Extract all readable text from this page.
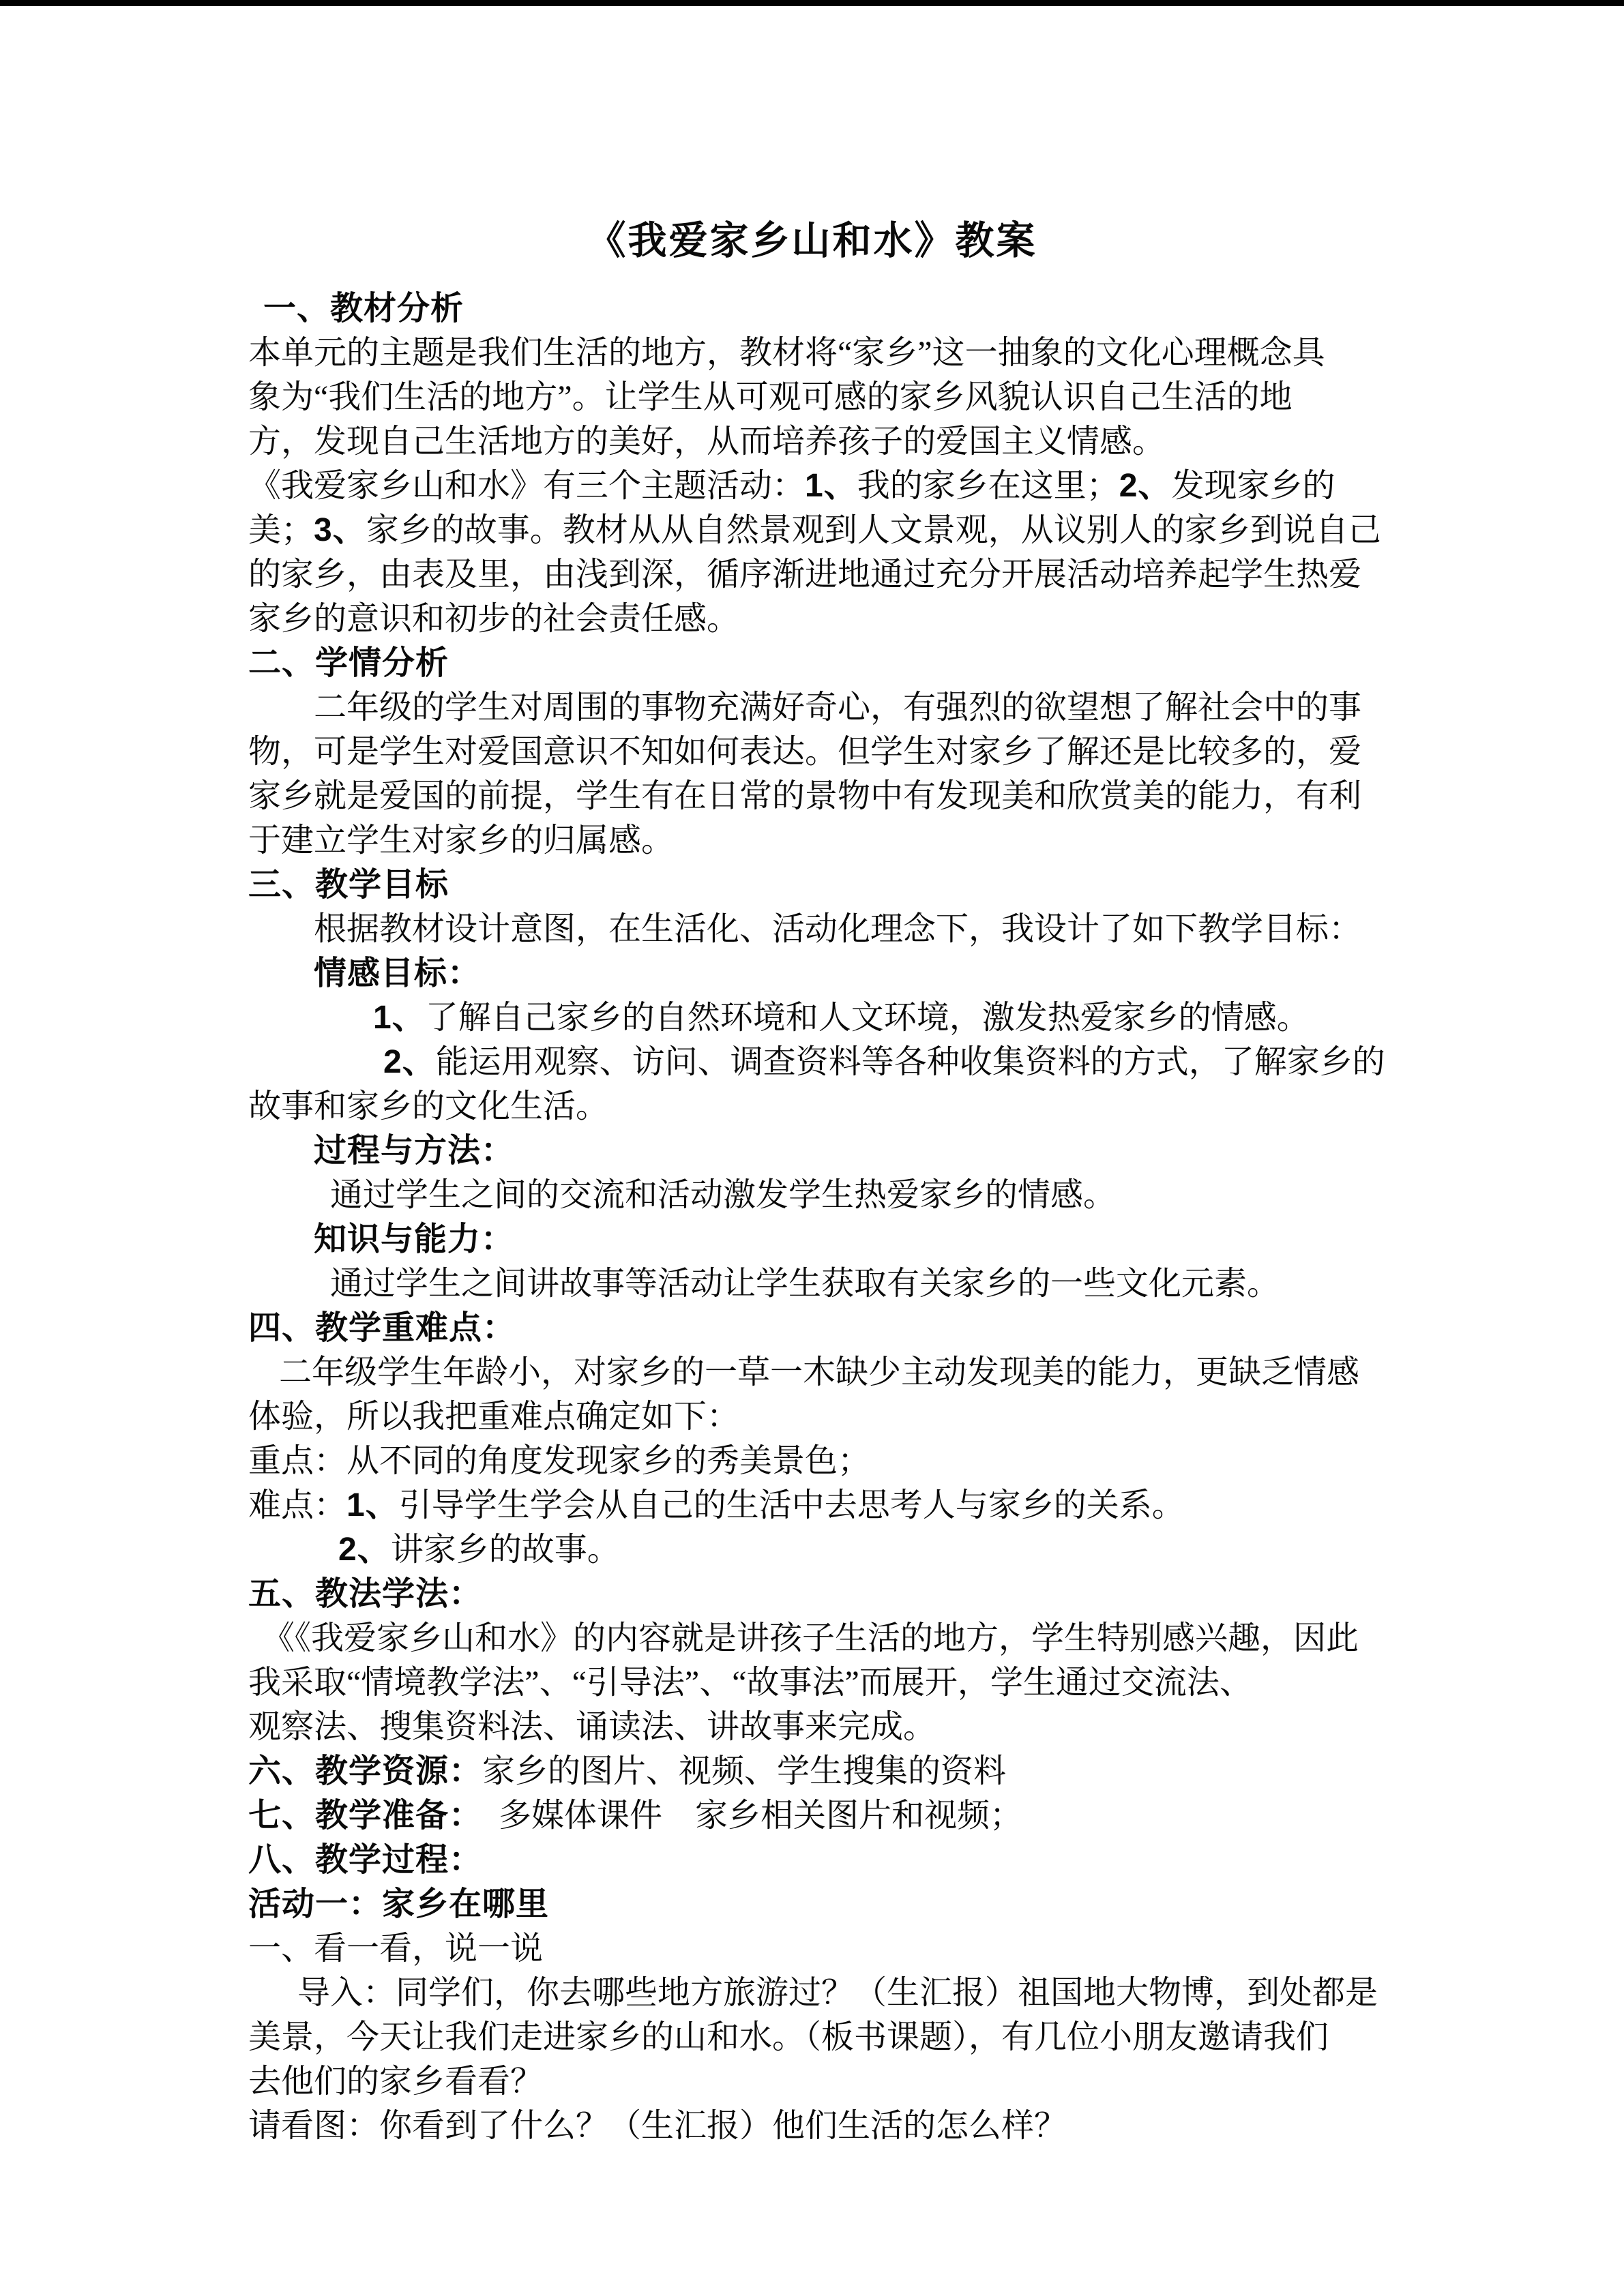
《我爱家乡山和水》教案
一、教材分析
本单元的主题是我们生活的地方，教材将“家乡”这一抽象的文化心理概念具
象为“我们生活的地方”。让学生从可观可感的家乡风貌认识自己生活的地
方，发现自己生活地方的美好，从而培养孩子的爱国主义情感。
《我爱家乡山和水》有三个主题活动：1、我的家乡在这里；2、发现家乡的
美；3、家乡的故事。教材从从自然景观到人文景观，从议别人的家乡到说自己
的家乡，由表及里，由浅到深，循序渐进地通过充分开展活动培养起学生热爱
家乡的意识和初步的社会责任感。
二、学情分析
二年级的学生对周围的事物充满好奇心，有强烈的欲望想了解社会中的事
物，可是学生对爱国意识不知如何表达。但学生对家乡了解还是比较多的，爱
家乡就是爱国的前提，学生有在日常的景物中有发现美和欣赏美的能力，有利
于建立学生对家乡的归属感。
三、教学目标
根据教材设计意图，在生活化、活动化理念下，我设计了如下教学目标：
情感目标：
1、了解自己家乡的自然环境和人文环境，激发热爱家乡的情感。
2、能运用观察、访问、调查资料等各种收集资料的方式，了解家乡的
故事和家乡的文化生活。
过程与方法：
通过学生之间的交流和活动激发学生热爱家乡的情感。
知识与能力：
通过学生之间讲故事等活动让学生获取有关家乡的一些文化元素。
四、教学重难点：
二年级学生年龄小，对家乡的一草一木缺少主动发现美的能力，更缺乏情感
体验，所以我把重难点确定如下：
重点：从不同的角度发现家乡的秀美景色；
难点：1、引导学生学会从自己的生活中去思考人与家乡的关系。
2、讲家乡的故事。
五、教法学法：
《《我爱家乡山和水》的内容就是讲孩子生活的地方，学生特别感兴趣，因此
我采取“情境教学法”、“引导法”、“故事法”而展开，学生通过交流法、
观察法、搜集资料法、诵读法、讲故事来完成。
六、教学资源：家乡的图片、视频、学生搜集的资料
七、教学准备：　多媒体课件　家乡相关图片和视频；
八、教学过程：
活动一：家乡在哪里
一、看一看，说一说
导入：同学们，你去哪些地方旅游过？（生汇报）祖国地大物博，到处都是
美景，今天让我们走进家乡的山和水。（板书课题），有几位小朋友邀请我们
去他们的家乡看看？
请看图：你看到了什么？（生汇报）他们生活的怎么样？
